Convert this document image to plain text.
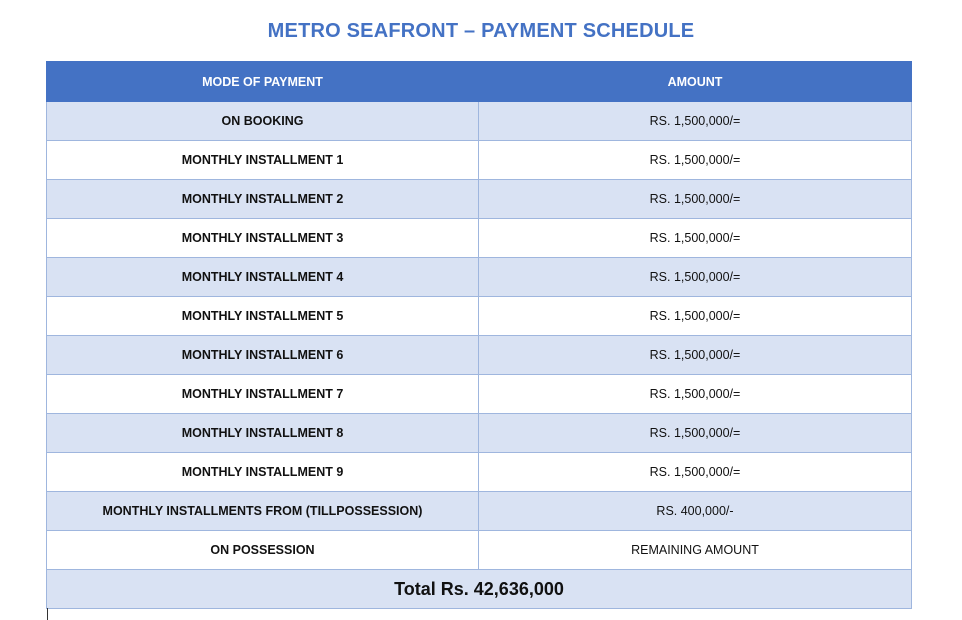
METRO SEAFRONT – PAYMENT SCHEDULE
MODE OF PAYMENT	AMOUNT
ON BOOKING	RS. 1,500,000/=
MONTHLY INSTALLMENT 1	RS. 1,500,000/=
MONTHLY INSTALLMENT 2	RS. 1,500,000/=
MONTHLY INSTALLMENT 3	RS. 1,500,000/=
MONTHLY INSTALLMENT 4	RS. 1,500,000/=
MONTHLY INSTALLMENT 5	RS. 1,500,000/=
MONTHLY INSTALLMENT 6	RS. 1,500,000/=
MONTHLY INSTALLMENT 7	RS. 1,500,000/=
MONTHLY INSTALLMENT 8	RS. 1,500,000/=
MONTHLY INSTALLMENT 9	RS. 1,500,000/=
MONTHLY INSTALLMENTS FROM (TILLPOSSESSION)	RS. 400,000/-
ON POSSESSION	REMAINING AMOUNT
Total Rs. 42,636,000	
